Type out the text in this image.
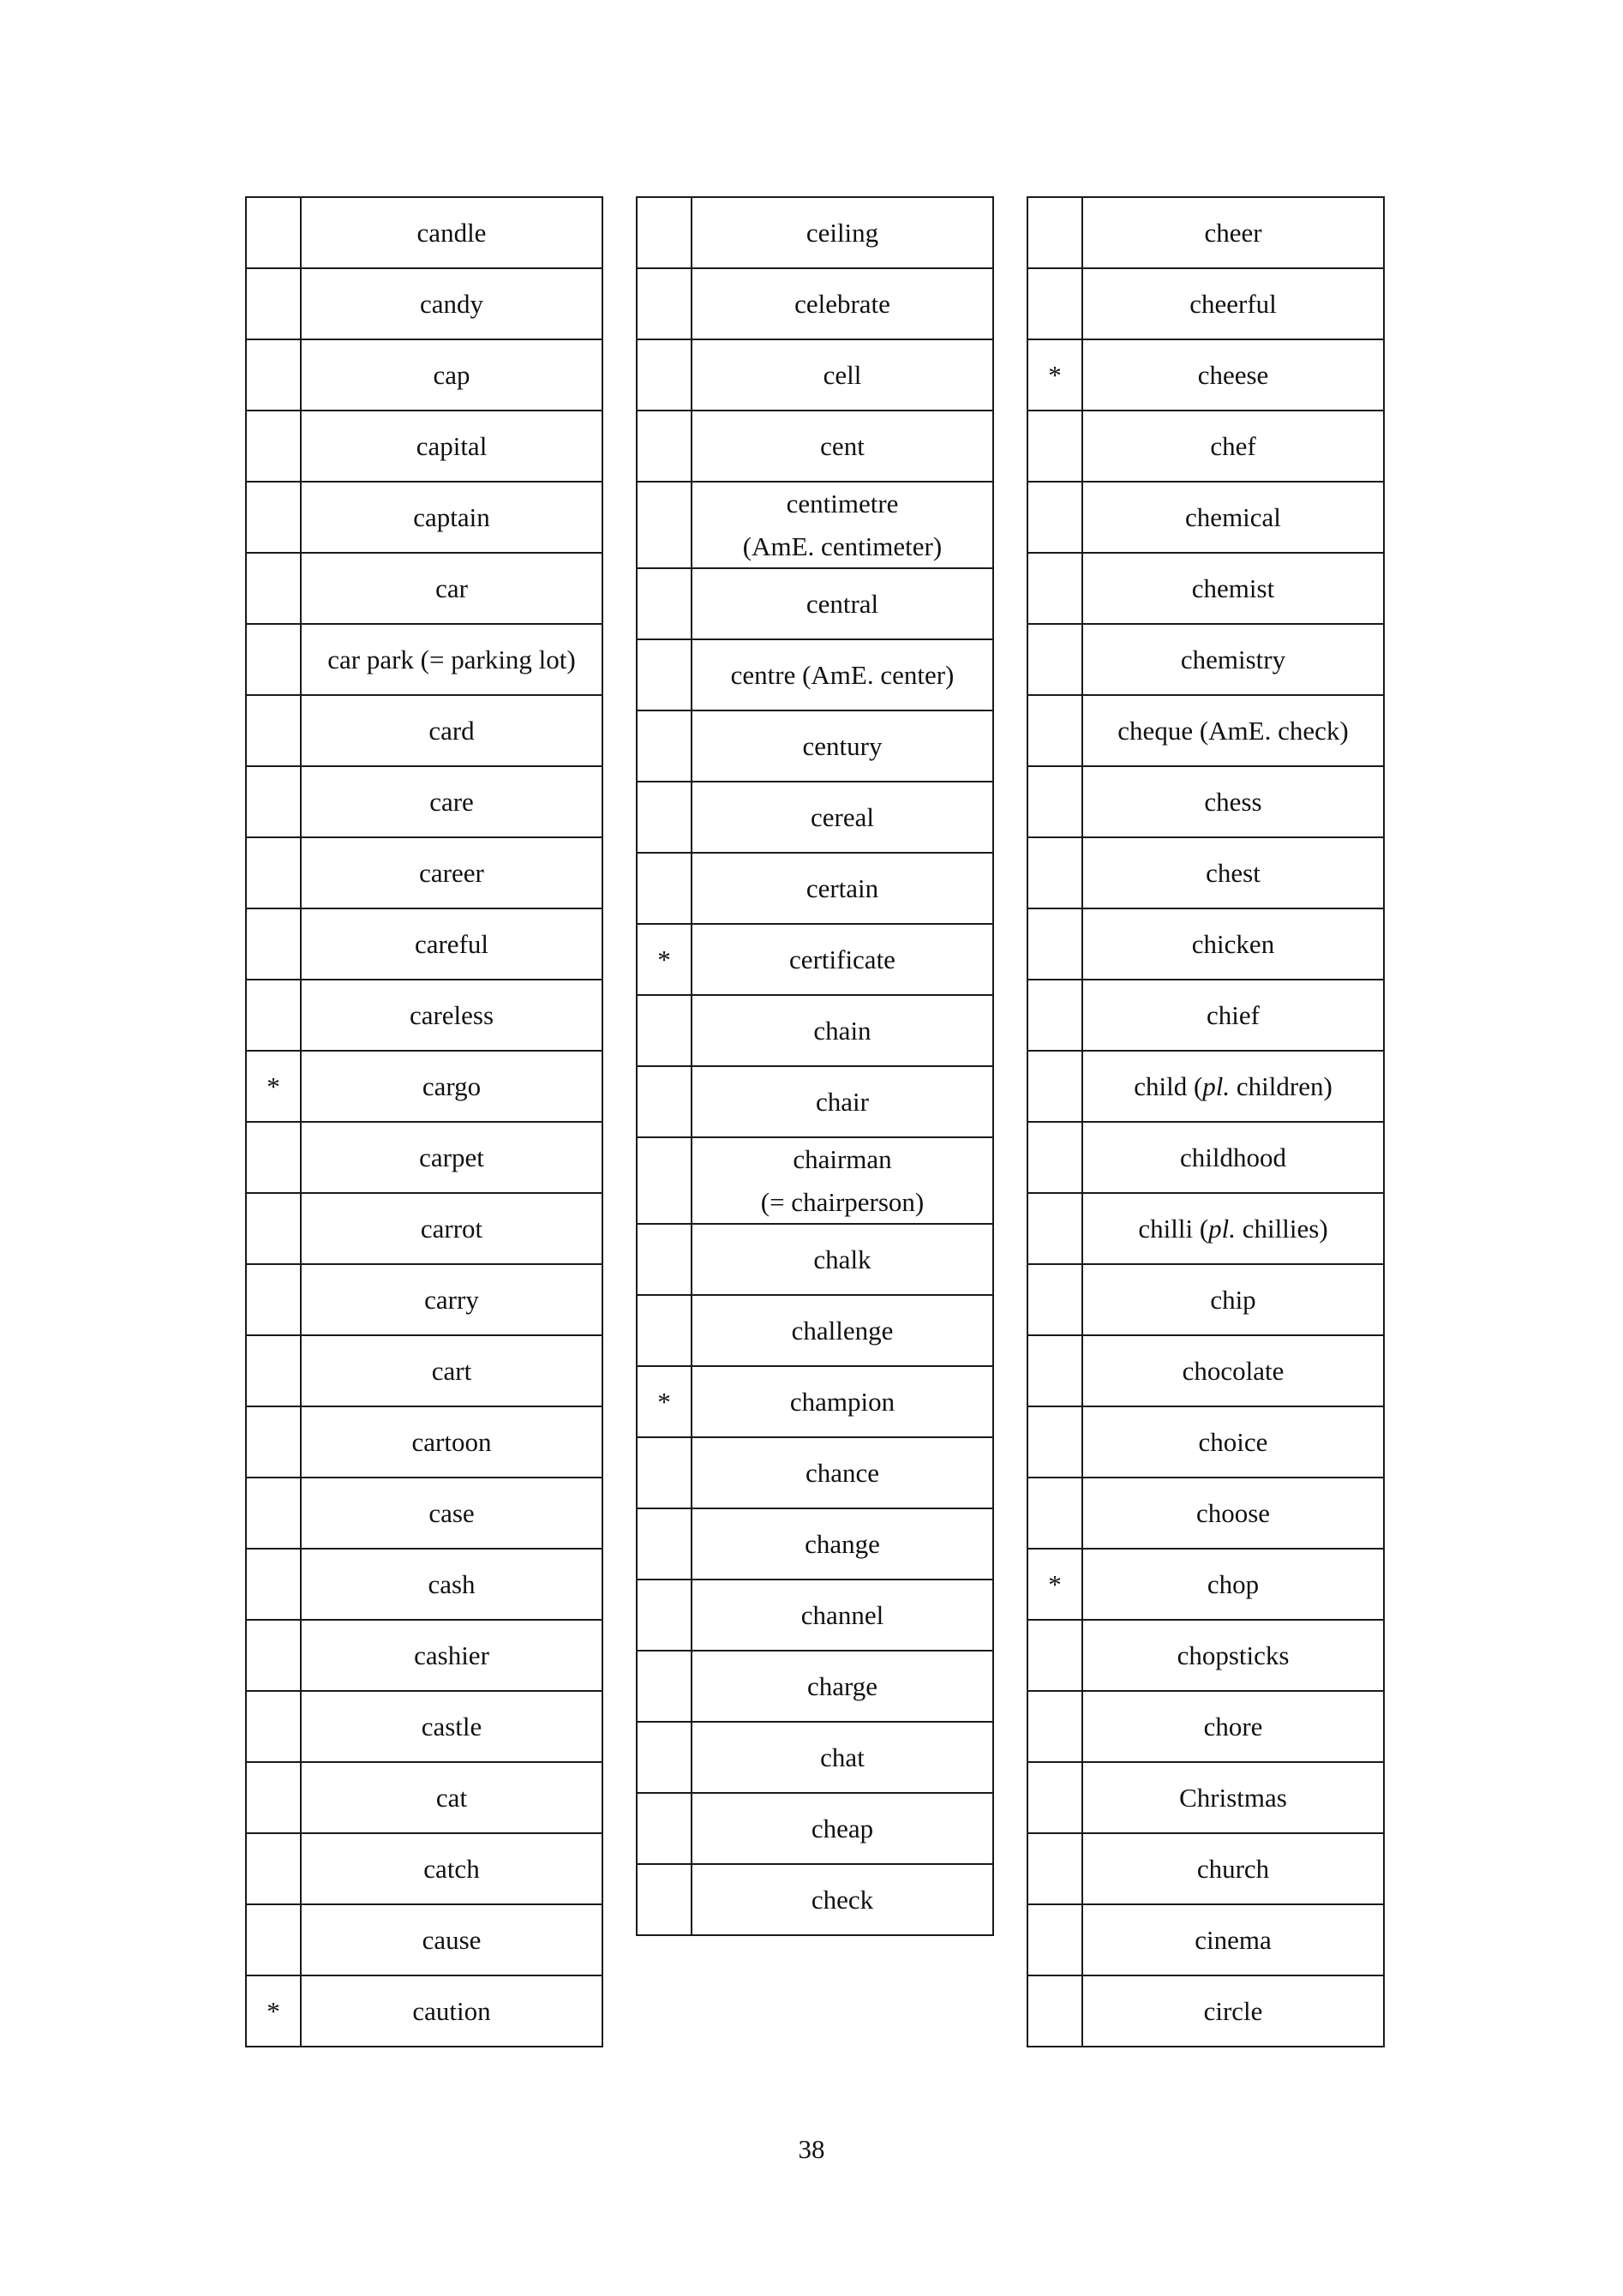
	candle
	candy
	cap
	capital
	captain
	car
	car park (= parking lot)
	card
	care
	career
	careful
	careless
*	cargo
	carpet
	carrot
	carry
	cart
	cartoon
	case
	cash
	cashier
	castle
	cat
	catch
	cause
*	caution
	ceiling
	celebrate
	cell
	cent

	centimetre
(AmE. centimeter)

	central
	centre (AmE. center)
	century
	cereal
	certain
*	certificate
	chain
	chair

	chairman
(= chairperson)

	chalk
	challenge
*	champion
	chance
	change
	channel
	charge
	chat
	cheap
	check
	cheer
	cheerful
*	cheese
	chef
	chemical
	chemist
	chemistry
	cheque (AmE. check)
	chess
	chest
	chicken
	chief
	child (pl. children)
	childhood
	chilli (pl. chillies)
	chip
	chocolate
	choice
	choose
*	chop
	chopsticks
	chore
	Christmas
	church
	cinema
	circle
38
